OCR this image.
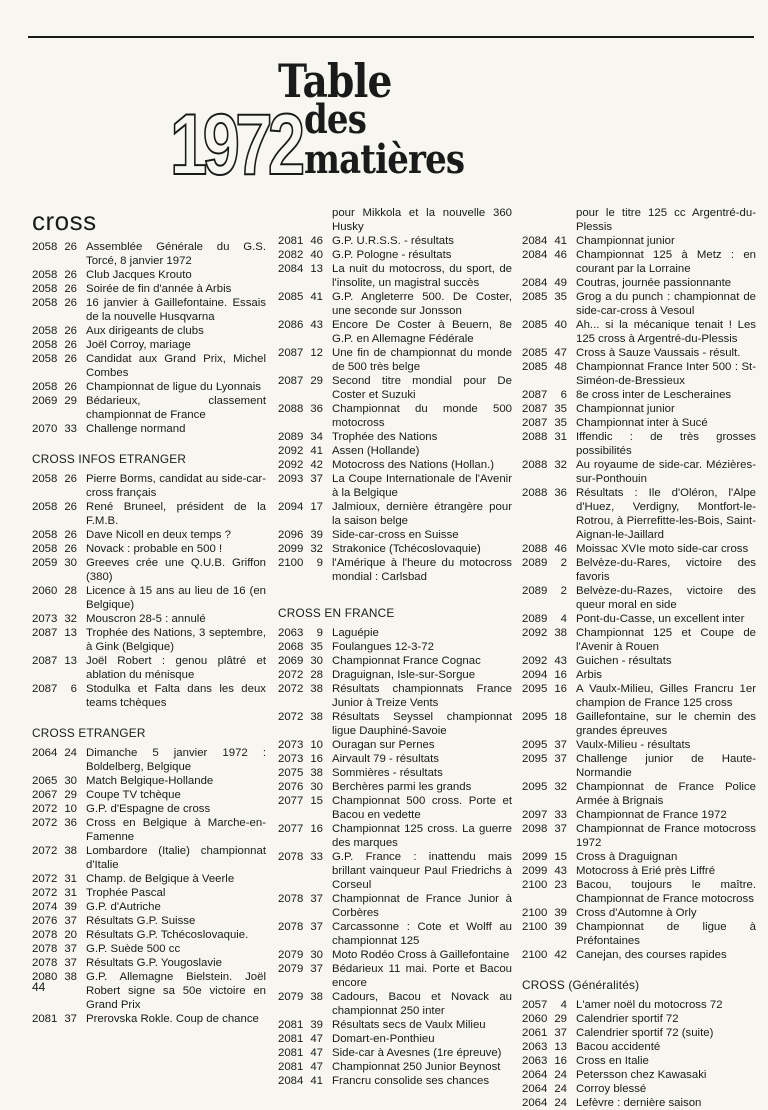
1972
Table
des
matières
cross
2058 26 Assemblée Générale du G.S. Torcé, 8 janvier 1972
2058 26 Club Jacques Krouto
2058 26 Soirée de fin d'année à Arbis
2058 26 16 janvier à Gaillefontaine. Essais de la nouvelle Husqvarna
2058 26 Aux dirigeants de clubs
2058 26 Joël Corroy, mariage
2058 26 Candidat aux Grand Prix, Michel Combes
2058 26 Championnat de ligue du Lyonnais
2069 29 Bédarieux, classement championnat de France
2070 33 Challenge normand
CROSS INFOS ETRANGER
2058 26 Pierre Borms, candidat au side-car-cross français
2058 26 René Bruneel, président de la F.M.B.
2058 26 Dave Nicoll en deux temps ?
2058 26 Novack : probable en 500 !
2059 30 Greeves crée une Q.U.B. Griffon (380)
2060 28 Licence à 15 ans au lieu de 16 (en Belgique)
2073 32 Mouscron 28-5 : annulé
2087 13 Trophée des Nations, 3 septembre, à Gink (Belgique)
2087 13 Joël Robert : genou plâtré et ablation du ménisque
2087	6 Stodulka et Falta dans les deux teams tchèques
CROSS ETRANGER
2064 24 Dimanche 5 janvier 1972 : Boldelberg, Belgique
2065 30 Match Belgique-Hollande
2067 29 Coupe TV tchèque
2072 10 G.P. d'Espagne de cross
2072 36 Cross en Belgique à Marche-en-Famenne
2072 38 Lombardore (Italie) championnat d'Italie
2072 31 Champ. de Belgique à Veerle
2072 31 Trophée Pascal
2074 39 G.P. d'Autriche
2076 37 Résultats G.P. Suisse
2078 20 Résultats G.P. Tchécoslovaquie.
2078 37 G.P. Suède 500 cc
2078 37 Résultats G.P. Yougoslavie
2080 38 G.P. Allemagne Bielstein. Joël Robert signe sa 50e victoire en Grand Prix
2081 37 Prerovska Rokle. Coup de chance
pour Mikkola et la nouvelle 360 Husky
2081 46 G.P. U.R.S.S. - résultats
2082 40 G.P. Pologne - résultats
2084 13 La nuit du motocross, du sport, de l'insolite, un magistral succès
2085 41 G.P. Angleterre 500. De Coster, une seconde sur Jonsson
2086 43 Encore De Coster à Beuern, 8e G.P. en Allemagne Fédérale
2087 12 Une fin de championnat du monde de 500 très belge
2087 29 Second titre mondial pour De Coster et Suzuki
2088 36 Championnat du monde 500 motocross
2089 34 Trophée des Nations
2092 41 Assen (Hollande)
2092 42 Motocross des Nations (Hollan.)
2093 37 La Coupe Internationale de l'Avenir à la Belgique
2094 17 Jalmioux, dernière étrangère pour la saison belge
2096 39 Side-car-cross en Suisse
2099 32 Strakonice (Tchécoslovaquie)
2100	9 l'Amérique à l'heure du motocross mondial : Carlsbad
CROSS EN FRANCE
2063	9 Laguépie
2068 35 Foulangues 12-3-72
2069 30 Championnat France Cognac
2072 28 Draguignan, Isle-sur-Sorgue
2072 38 Résultats championnats France Junior à Treize Vents
2072 38 Résultats Seyssel championnat ligue Dauphiné-Savoie
2073 10 Ouragan sur Pernes
2073 16 Airvault 79 - résultats
2075 38 Sommières - résultats
2076 30 Berchères parmi les grands
2077 15 Championnat 500 cross. Porte et Bacou en vedette
2077 16 Championnat 125 cross. La guerre des marques
2078 33 G.P. France : inattendu mais brillant vainqueur Paul Friedrichs à Corseul
2078 37 Championnat de France Junior à Corbères
2078 37 Carcassonne : Cote et Wolff au championnat 125
2079 30 Moto Rodéo Cross à Gaillefontaine
2079 37 Bédarieux 11 mai. Porte et Bacou encore
2079 38 Cadours, Bacou et Novack au championnat 250 inter
2081 39 Résultats secs de Vaulx Milieu
2081 47 Domart-en-Ponthieu
2081 47 Side-car à Avesnes (1re épreuve)
2081 47 Championnat 250 Junior Beynost
2084 41 Francru consolide ses chances
pour le titre 125 cc Argentré-du-Plessis
2084 41 Championnat junior
2084 46 Championnat 125 à Metz : en courant par la Lorraine
2084 49 Coutras, journée passionnante
2085 35 Grog a du punch : championnat de side-car-cross à Vesoul
2085 40 Ah... si la mécanique tenait ! Les 125 cross à Argentré-du-Plessis
2085 47 Cross à Sauze Vaussais - résult.
2085 48 Championnat France Inter 500 : St-Siméon-de-Bressieux
2087	6 8e cross inter de Lescheraines
2087 35 Championnat junior
2087 35 Championnat inter à Sucé
2088 31 Iffendic : de très grosses possibilités
2088 32 Au royaume de side-car. Mézières-sur-Ponthouin
2088 36 Résultats : Ile d'Oléron, l'Alpe d'Huez, Verdigny, Montfort-le-Rotrou, à Pierrefitte-les-Bois, Saint-Aignan-le-Jaillard
2088 46 Moissac XVIe moto side-car cross
2089	2 Belvèze-du-Rares, victoire des favoris
2089	2 Belvèze-du-Razes, victoire des queur moral en side
2089	4 Pont-du-Casse, un excellent inter
2092 38 Championnat 125 et Coupe de l'Avenir à Rouen
2092 43 Guichen - résultats
2094 16 Arbis
2095 16 A Vaulx-Milieu, Gilles Francru 1er champion de France 125 cross
2095 18 Gaillefontaine, sur le chemin des grandes épreuves
2095 37 Vaulx-Milieu - résultats
2095 37 Challenge junior de Haute-Normandie
2095 32 Championnat de France Police Armée à Brignais
2097 33 Championnat de France 1972
2098 37 Championnat de France motocross 1972
2099 15 Cross à Draguignan
2099 43 Motocross à Erié près Liffré
2100 23 Bacou, toujours le maître. Championnat de France motocross
2100 39 Cross d'Automne à Orly
2100 39 Championnat de ligue à Préfontaines
2100 42 Canejan, des courses rapides
CROSS (Généralités)
2057	4 L'amer noël du motocross 72
2060 29 Calendrier sportif 72
2061 37 Calendrier sportif 72 (suite)
2063 13 Bacou accidenté
2063 16 Cross en Italie
2064 24 Petersson chez Kawasaki
2064 24 Corroy blessé
2064 24 Lefèvre : dernière saison
44
